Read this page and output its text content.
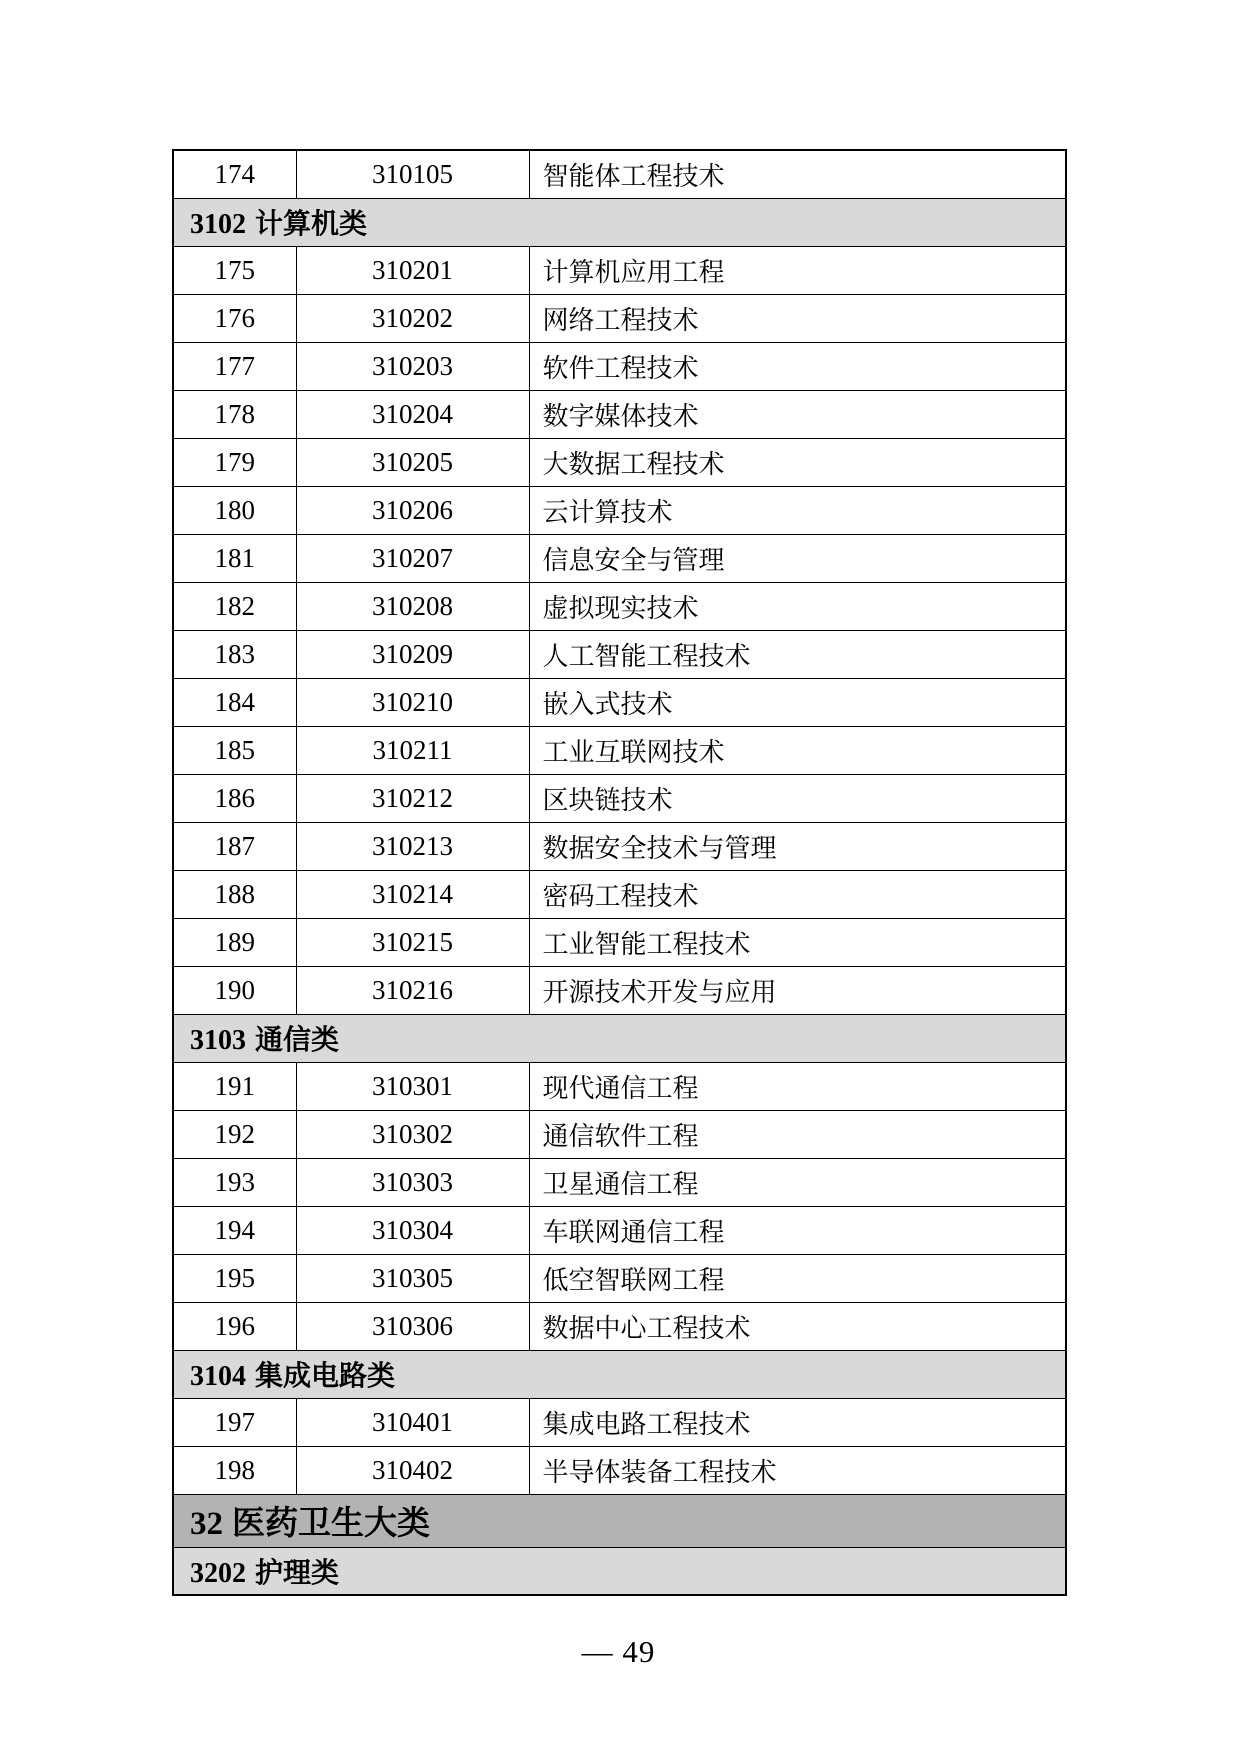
174	310105	智能体工程技术
3102 计算机类		
175	310201	计算机应用工程
176	310202	网络工程技术
177	310203	软件工程技术
178	310204	数字媒体技术
179	310205	大数据工程技术
180	310206	云计算技术
181	310207	信息安全与管理
182	310208	虚拟现实技术
183	310209	人工智能工程技术
184	310210	嵌入式技术
185	310211	工业互联网技术
186	310212	区块链技术
187	310213	数据安全技术与管理
188	310214	密码工程技术
189	310215	工业智能工程技术
190	310216	开源技术开发与应用
3103 通信类		
191	310301	现代通信工程
192	310302	通信软件工程
193	310303	卫星通信工程
194	310304	车联网通信工程
195	310305	低空智联网工程
196	310306	数据中心工程技术
3104 集成电路类		
197	310401	集成电路工程技术
198	310402	半导体装备工程技术
32 医药卫生大类		
3202 护理类		
— 49
